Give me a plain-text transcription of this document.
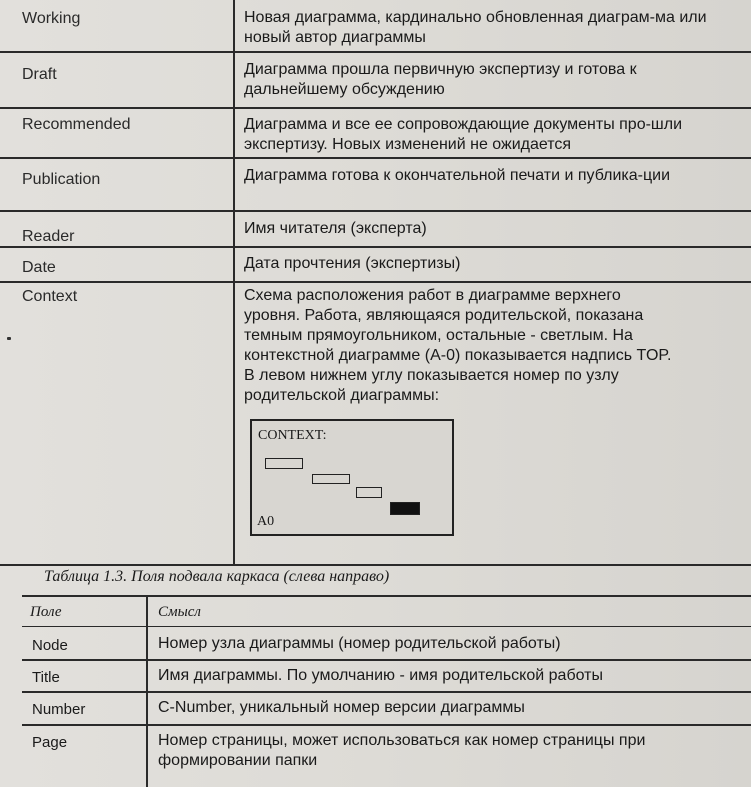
Working	Новая диаграмма, кардинально обновленная диаграм-ма или новый автор диаграммы
Draft	Диаграмма прошла первичную экспертизу и готова к дальнейшему обсуждению
Recommended	Диаграмма и все ее сопровождающие документы про-шли экспертизу. Новых изменений не ожидается
Publication	Диаграмма готова к окончательной печати и публика-ции
Reader	Имя читателя (эксперта)
Date	Дата прочтения (экспертизы)
Context	Схема расположения работ в диаграмме верхнего уровня. Работа, являющаяся родительской, показана темным прямоугольником, остальные - светлым. На контекстной диаграмме (А-0) показывается надпись TOP. В левом нижнем углу показывается номер по узлу родительской диаграммы:
CONTEXT:
A0
Таблица 1.3. Поля подвала каркаса (слева направо)
Поле	Смысл
Node	Номер узла диаграммы (номер родительской работы)
Title	Имя диаграммы. По умолчанию - имя родительской работы
Number	C-Number, уникальный номер версии диаграммы
Page	Номер страницы, может использоваться как номер страницы при формировании папки
